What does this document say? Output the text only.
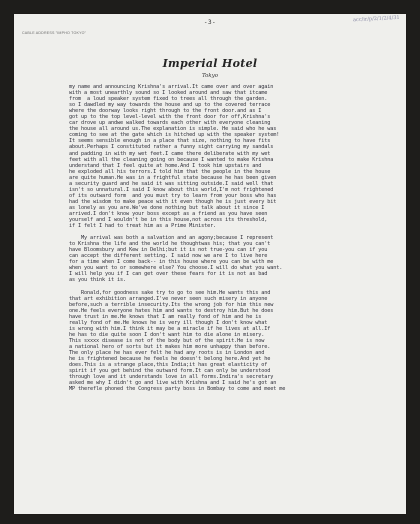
-3-
CABLE ADDRESS "IMPHO TOKYO"
acc/ir/p/2/1/2/4/31
Imperial Hotel
Tokyo
my name and announcing Krishna's arrival.It came over and over again
with a most unearthly sound so I looked around and saw that itcame
from  a loud speaker system fixed to trees all through the garden.
so I dawdled my way towards the house and up to the covered terrace
where the doorway looks right through to the front door.and as I
got up to the top level-level with the front door for off,Krishna's
car drove up andwe walked towards each other with everyone cleaning
the house all around us.The explanation is simple. He said who he was
coming to see at the gate which is hitched up with the speaker system!
It seems sensible enough in a place that size, nothing to have fits
about.Perhaps I constituted rather a funny sight carrying my sandals
and padding in with my wet feet.I came there deliberate with my wet
feet with all the cleaning going on because I wanted to make Krishna
understand that I feel quite at home.And I took him upstairs and
he exploded all his terrors.I told him that the people in the house
are quite human.He was in a frightful state because he has been given
a security guard and he said it was sitting outside.I said well that
isn't so unnatural.I said I know about this world,I'm not frightened
of its outward form  and you must try to learn from your boss who has
had the wisdom to make peace with it even though he is just every bit
as lonely as you are.We've done nothing but talk about it since I
arrived.I don't know your boss except as a friend as you have seen
yourself and I wouldn't be in this house,not across its threshold,
if I felt I had to treat him as a Prime Minister.
My arrival was both a salvation and an agony;because I represent
to Krishna the life and the world he thoughtwas his; that you can't
have Bloomsbury and Kew in Delhi;but it is not true-you can if you
can accept the different setting. I said now we are I to live here
for a time when I come back-- in this house where you can be with me
when you want to or somewhere else? You choose.I will do what you want.
I will help you if I can get over these fears for it is not as bad
as you think it is.
Ronald,for goodness sake try to go to see him.He wants this and
that art exhibition arranged.I've never seen such misery in anyone
before,such a terrible insecurity.Its the wrong job for him this new
one.He feels everyone hates him and wants to destroy him.But he does
have trust in me.He knows that I am really fond of him and he is
really fond of me.He knows he is very ill though I don't know what
is wrong with him.I think it may be a miracle if he lives at all.If
he has to die quite soon I don't want him to die alone in misery.
This sxxxx disease is not of the body but of the spirit.He is now
a national hero of sorts but it makes him more unhappy than before.
The only place he has ever felt he had any roots is in London and
he is frightened because he feels he doesn't belong here.And yet he
does.This is a strange place,this India;it has great elasticity of
spirit if you get behind the outward form.It can only be understood
through love and it understands love in all forms.Indira's secretary
asked me why I didn't go and live with Krishna and I said he's got an
MP therefle phoned the Congress party boss in Bombay to come and meet me
